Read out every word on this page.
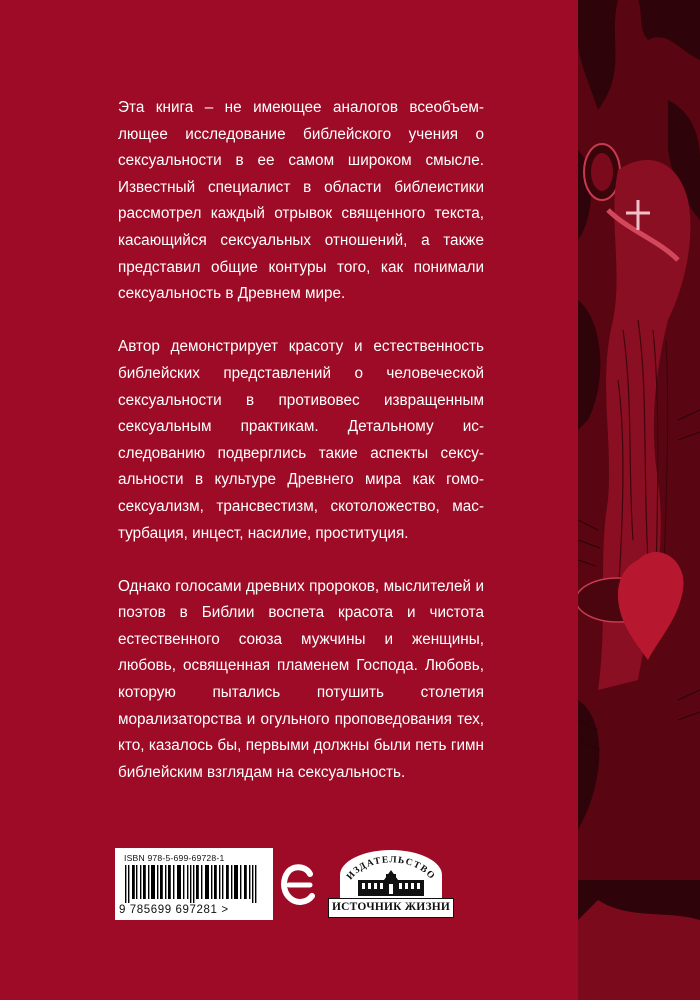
Эта книга – не имеющее аналогов всеобъемлющее исследование библейского учения о сексуальности в ее самом широком смысле. Известный специалист в области библеистики рассмотрел каждый отрывок священного текста, касающийся сексуальных отношений, а также представил общие контуры того, как понимали сексуальность в Древнем мире.

Автор демонстрирует красоту и естественность библейских представлений о человеческой сексуальности в противовес извращенным сексуальным практикам. Детальному исследованию подверглись такие аспекты сексуальности в культуре Древнего мира как гомосексуализм, трансвестизм, скотоложество, мастурбация, инцест, насилие, проституция.

Однако голосами древних пророков, мыслителей и поэтов в Библии воспета красота и чистота естественного союза мужчины и женщины, любовь, освященная пламенем Господа. Любовь, которую пытались потушить столетия морализаторства и огульного проповедования тех, кто, казалось бы, первыми должны были петь гимн библейским взглядам на сексуальность.

ISBN 978-5-699-69728-1
9 785699 697281 >
ИЗДАТЕЛЬСТВО
ИСТОЧНИК ЖИЗНИ
